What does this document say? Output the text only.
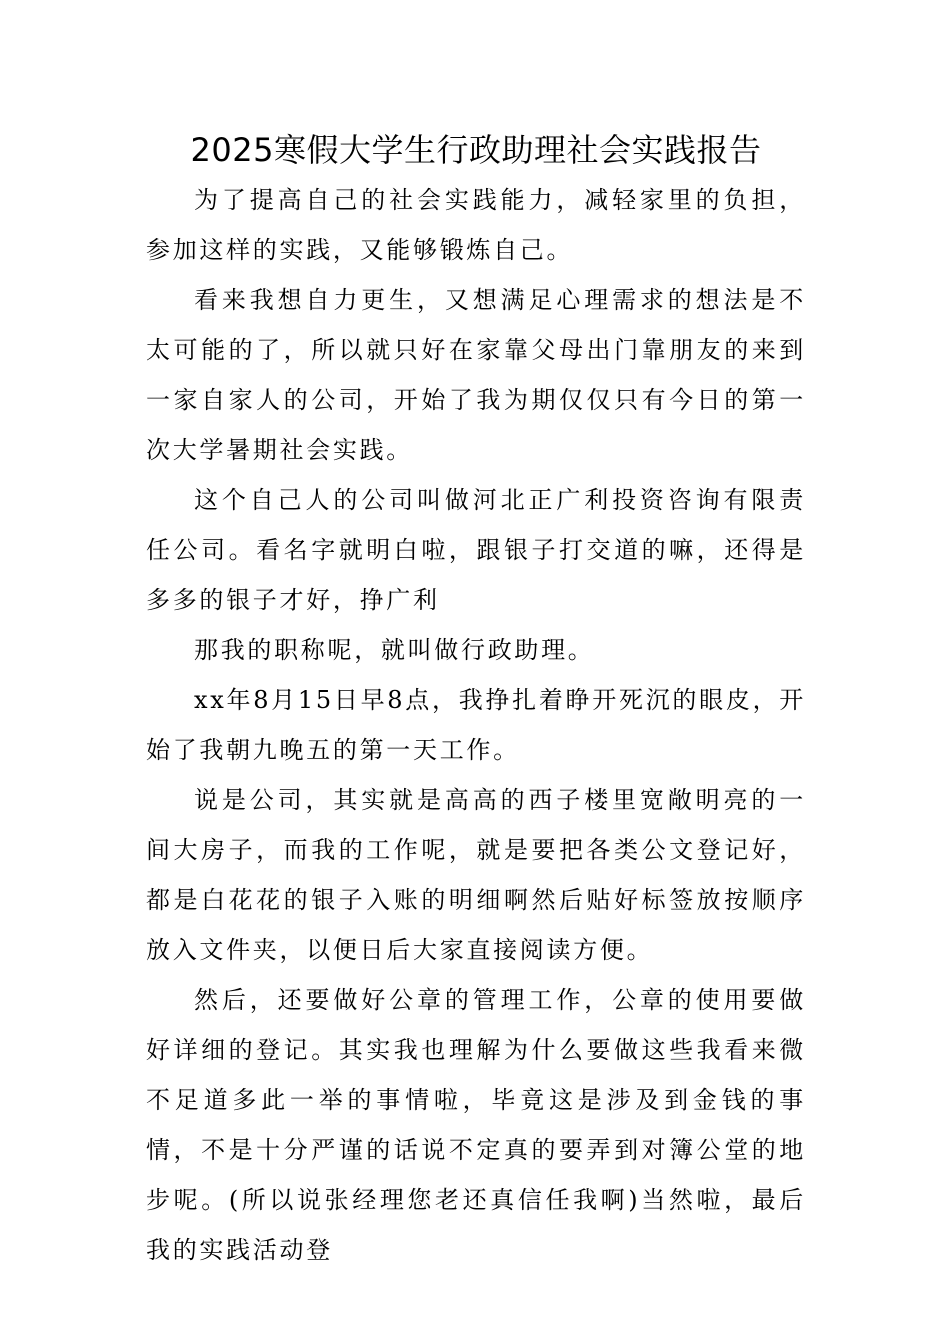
2025寒假大学生行政助理社会实践报告

为了提高自己的社会实践能力，减轻家里的负担，参加这样的实践，又能够锻炼自己。

看来我想自力更生，又想满足心理需求的想法是不太可能的了，所以就只好在家靠父母出门靠朋友的来到一家自家人的公司，开始了我为期仅仅只有今日的第一次大学暑期社会实践。

这个自己人的公司叫做河北正广利投资咨询有限责任公司。看名字就明白啦，跟银子打交道的嘛，还得是多多的银子才好，挣广利

那我的职称呢，就叫做行政助理。

xx年8月15日早8点，我挣扎着睁开死沉的眼皮，开始了我朝九晚五的第一天工作。

说是公司，其实就是高高的西子楼里宽敞明亮的一间大房子，而我的工作呢，就是要把各类公文登记好，都是白花花的银子入账的明细啊然后贴好标签放按顺序放入文件夹，以便日后大家直接阅读方便。

然后，还要做好公章的管理工作，公章的使用要做好详细的登记。其实我也理解为什么要做这些我看来微不足道多此一举的事情啦，毕竟这是涉及到金钱的事情，不是十分严谨的话说不定真的要弄到对簿公堂的地步呢。(所以说张经理您老还真信任我啊)当然啦，最后我的实践活动登
